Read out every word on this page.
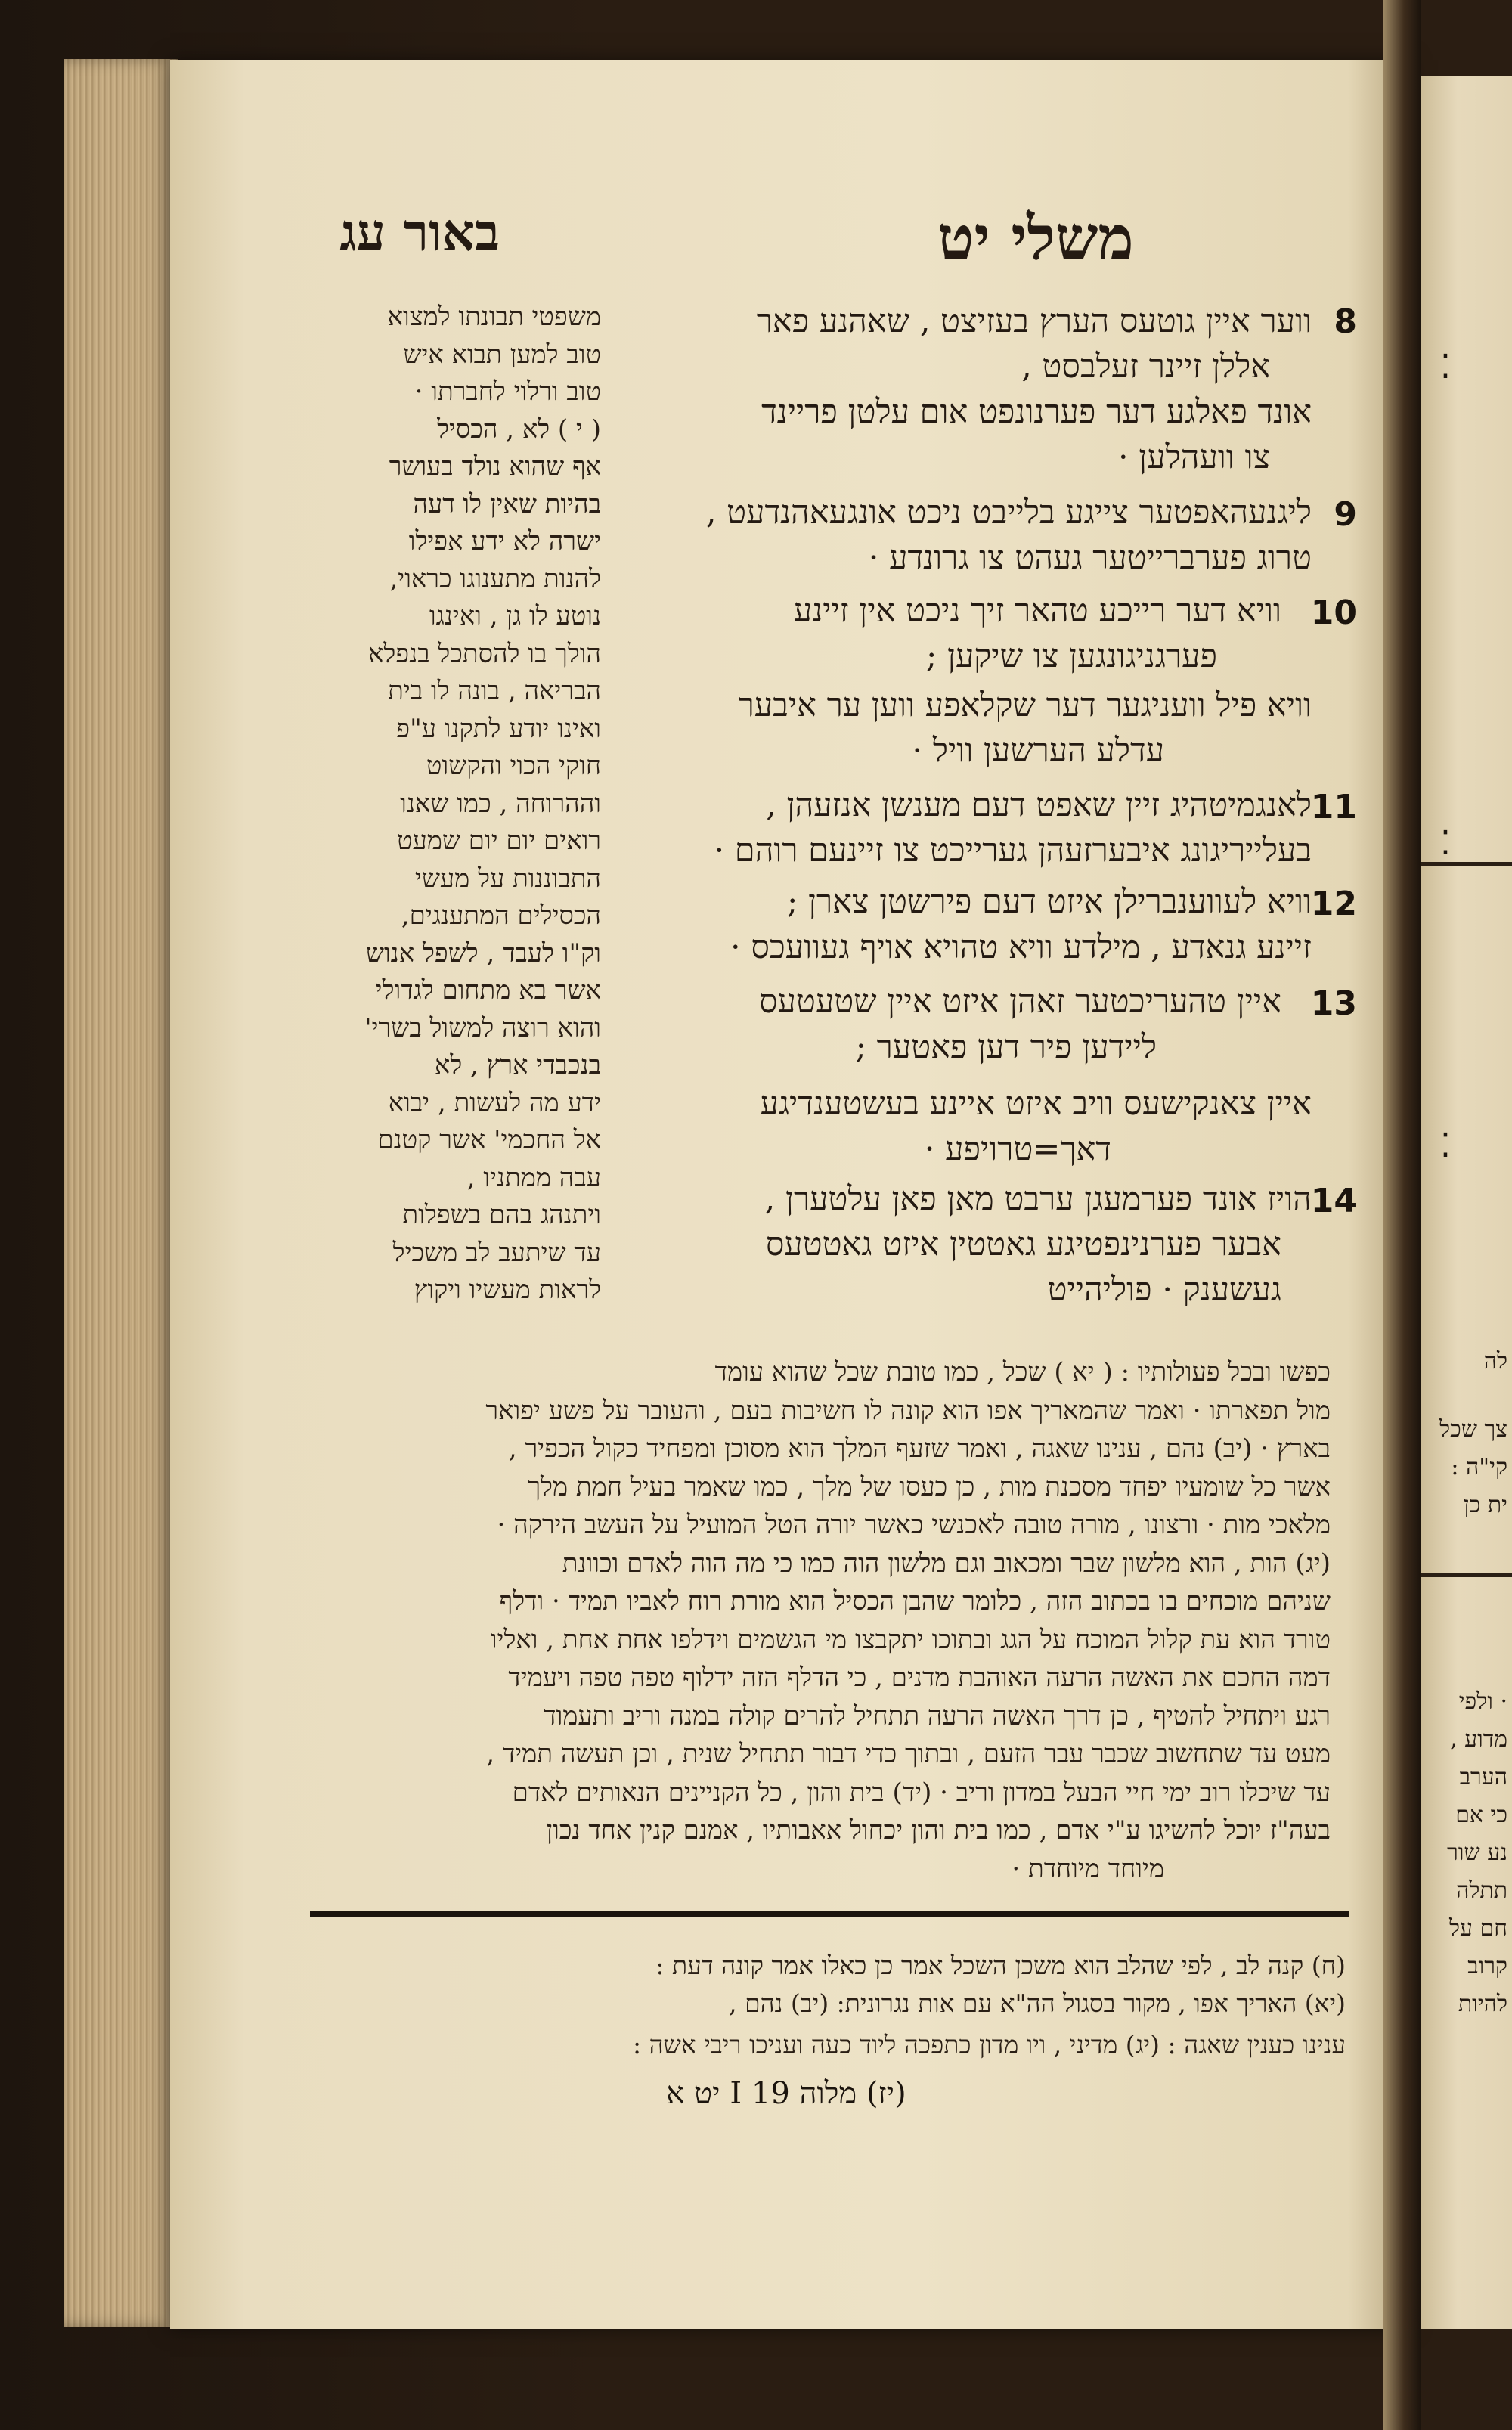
לה
צך שכל
קי"ה :
ית כן
· ולפי
מדוע ,
הערב
כי אם
נע שור
תתלה
חם על
קרוב
להיות
⁚
⁚
⁚
משלי יט
באור עג
8
ווער איין גוטעס הערץ בעזיצט , שאהנע פאר
אללן זיינר זעלבסט ,
אונד פאלגע דער פערנונפט אום עלטן פריינד
צו וועהלען ·
9
ליגנעהאפטער צייגע בלייבט ניכט אונגעאהנדעט ,
טרוג פערברייטער געהט צו גרונדע ·
10
וויא דער רייכע טהאר זיך ניכט אין זיינע
פערגניגונגען צו שיקען ;
וויא פיל וועניגער דער שקלאפע ווען ער איבער
עדלע הערשען וויל ·
11
לאנגמיטהיג זיין שאפט דעם מענשן אנזעהן ,
בעלייריגונג איבערזעהן גערייכט צו זיינעם רוהם ·
12
וויא לעווענברילן איזט דעם פירשטן צארן ;
זיינע גנאדע , מילדע וויא טהויא אויף געוועכס ·
13
איין טהעריכטער זאהן איזט איין שטעטעס
ליידען פיר דען פאטער ;
איין צאנקישעס וויב איזט איינע בעשטענדיגע
דאך=טרויפע ·
14
הויז אונד פערמעגן ערבט מאן פאן עלטערן ,
אבער פערנינפטיגע גאטטין איזט גאטטעס
געשענק · פוליהייט
משפטי תבונתו למצוא
טוב למען תבוא איש
טוב ורלוי לחברתו ·
( י ) לא , הכסיל
אף שהוא נולד בעושר
בהיות שאין לו דעה
ישרה לא ידע אפילו
להנות מתענוגו כראוי,
נוטע לו גן , ואינגו
הולך בו להסתכל בנפלא
הבריאה , בונה לו בית
ואינו יודע לתקנו ע"פ
חוקי הכוי והקשוט
וההרוחה , כמו שאנו
רואים יום יום שמעט
התבוננות על מעשי
הכסילים המתענגים,
וק"ו לעבד , לשפל אנוש
אשר בא מתחום לגדולי
והוא רוצה למשול בשרי'
בנכבדי ארץ , לא
ידע מה לעשות , יבוא
אל החכמי' אשר קטנם
עבה ממתניו ,
ויתנהג בהם בשפלות
עד שיתעב לב משכיל
לראות מעשיו ויקוץ
כפשו ובכל פעולותיו : ( יא ) שכל , כמו טובת שכל שהוא עומד
מול תפארתו · ואמר שהמאריך אפו הוא קונה לו חשיבות בעם , והעובר על פשע יפואר
בארץ · (יב) נהם , ענינו שאגה , ואמר שזעף המלך הוא מסוכן ומפחיד כקול הכפיר ,
אשר כל שומעיו יפחד מסכנת מות , כן כעסו של מלך , כמו שאמר בעיל חמת מלך
מלאכי מות · ורצונו , מורה טובה לאכנשי כאשר יורה הטל המועיל על העשב הירקה ·
(יג) הות , הוא מלשון שבר ומכאוב וגם מלשון הוה כמו כי מה הוה לאדם וכוונת
שניהם מוכחים בו בכתוב הזה , כלומר שהבן הכסיל הוא מורת רוח לאביו תמיד · ודלף
טורד הוא עת קלול המוכח על הגג ובתוכו יתקבצו מי הגשמים וידלפו אחת אחת , ואליו
דמה החכם את האשה הרעה האוהבת מדנים , כי הדלף הזה ידלוף טפה טפה ויעמיד
רגע ויתחיל להטיף , כן דרך האשה הרעה תתחיל להרים קולה במנה וריב ותעמוד
מעט עד שתחשוב שכבר עבר הזעם , ובתוך כדי דבור תתחיל שנית , וכן תעשה תמיד ,
עד שיכלו רוב ימי חיי הבעל במדון וריב · (יד) בית והון , כל הקניינים הנאותים לאדם
בעה"ז יוכל להשיגו ע"י אדם , כמו בית והון יכחול אאבותיו , אמנם קנין אחד נכון
מיוחד מיוחדת ·
(ח) קנה לב , לפי שהלב הוא משכן השכל אמר כן כאלו אמר קונה דעת :
(יא) האריך אפו , מקור בסגול הה"א עם אות נגרונית: (יב) נהם ,
ענינו כענין שאגה : (יג) מדיני , ויו מדון כתפכה ליוד כעה ועניכו ריבי אשה :
(יז) מלוה 19 I יט א
